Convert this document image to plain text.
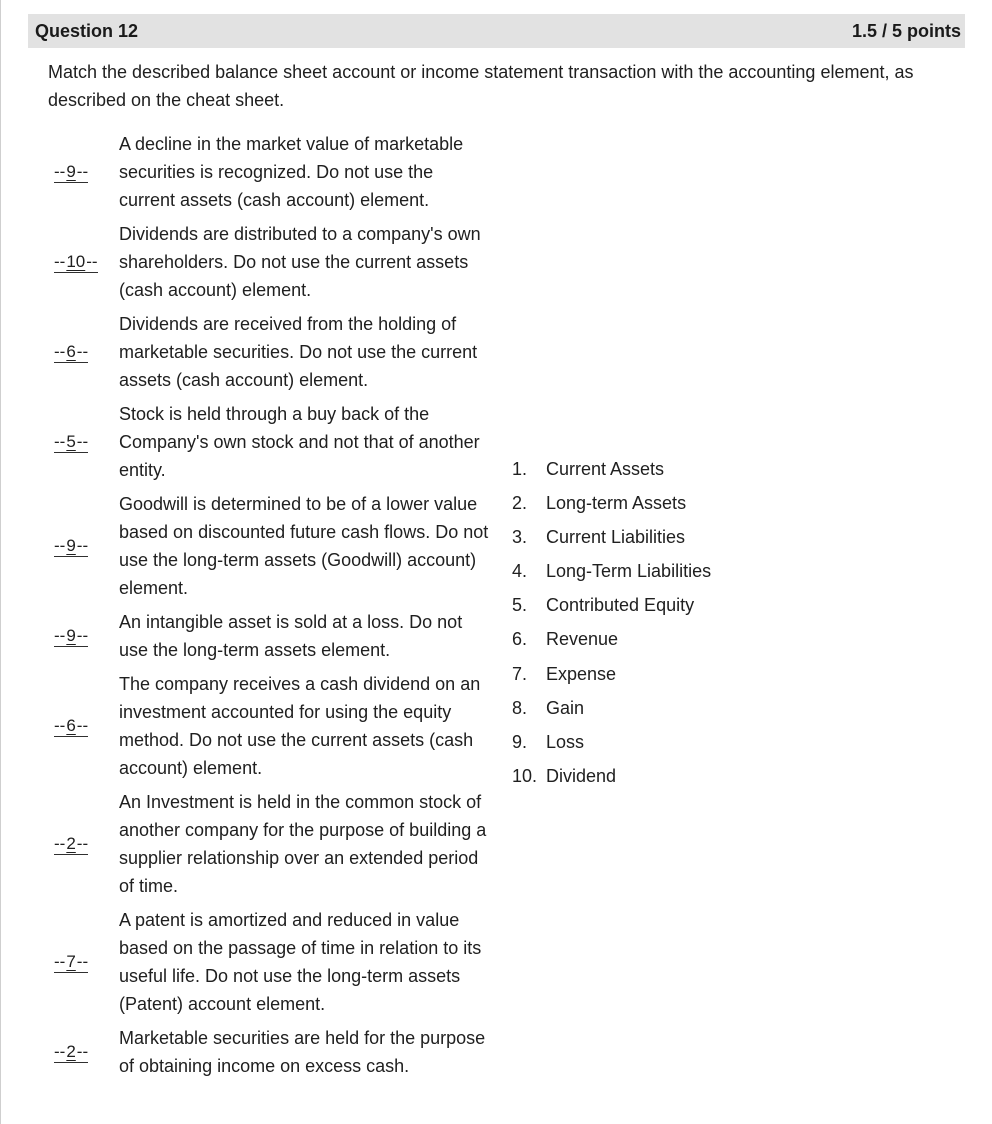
Question 12	1.5 / 5 points
Match the described balance sheet account or income statement transaction with the accounting element, as described on the cheat sheet.
--9--
A decline in the market value of marketable securities is recognized. Do not use the current assets (cash account) element.
--10--
Dividends are distributed to a company's own shareholders. Do not use the current assets (cash account) element.
--6--
Dividends are received from the holding of marketable securities. Do not use the current assets (cash account) element.
--5--
Stock is held through a buy back of the Company's own stock and not that of another entity.
--9--
Goodwill is determined to be of a lower value based on discounted future cash flows. Do not use the long-term assets (Goodwill) account) element.
--9--
An intangible asset is sold at a loss. Do not use the long-term assets element.
--6--
The company receives a cash dividend on an investment accounted for using the equity method. Do not use the current assets (cash account) element.
--2--
An Investment is held in the common stock of another company for the purpose of building a supplier relationship over an extended period of time.
--7--
A patent is amortized and reduced in value based on the passage of time in relation to its useful life. Do not use the long-term assets (Patent) account element.
--2--
Marketable securities are held for the purpose of obtaining income on excess cash.
1.	Current Assets
2.	Long-term Assets
3.	Current Liabilities
4.	Long-Term Liabilities
5.	Contributed Equity
6.	Revenue
7.	Expense
8.	Gain
9.	Loss
10. Dividend
